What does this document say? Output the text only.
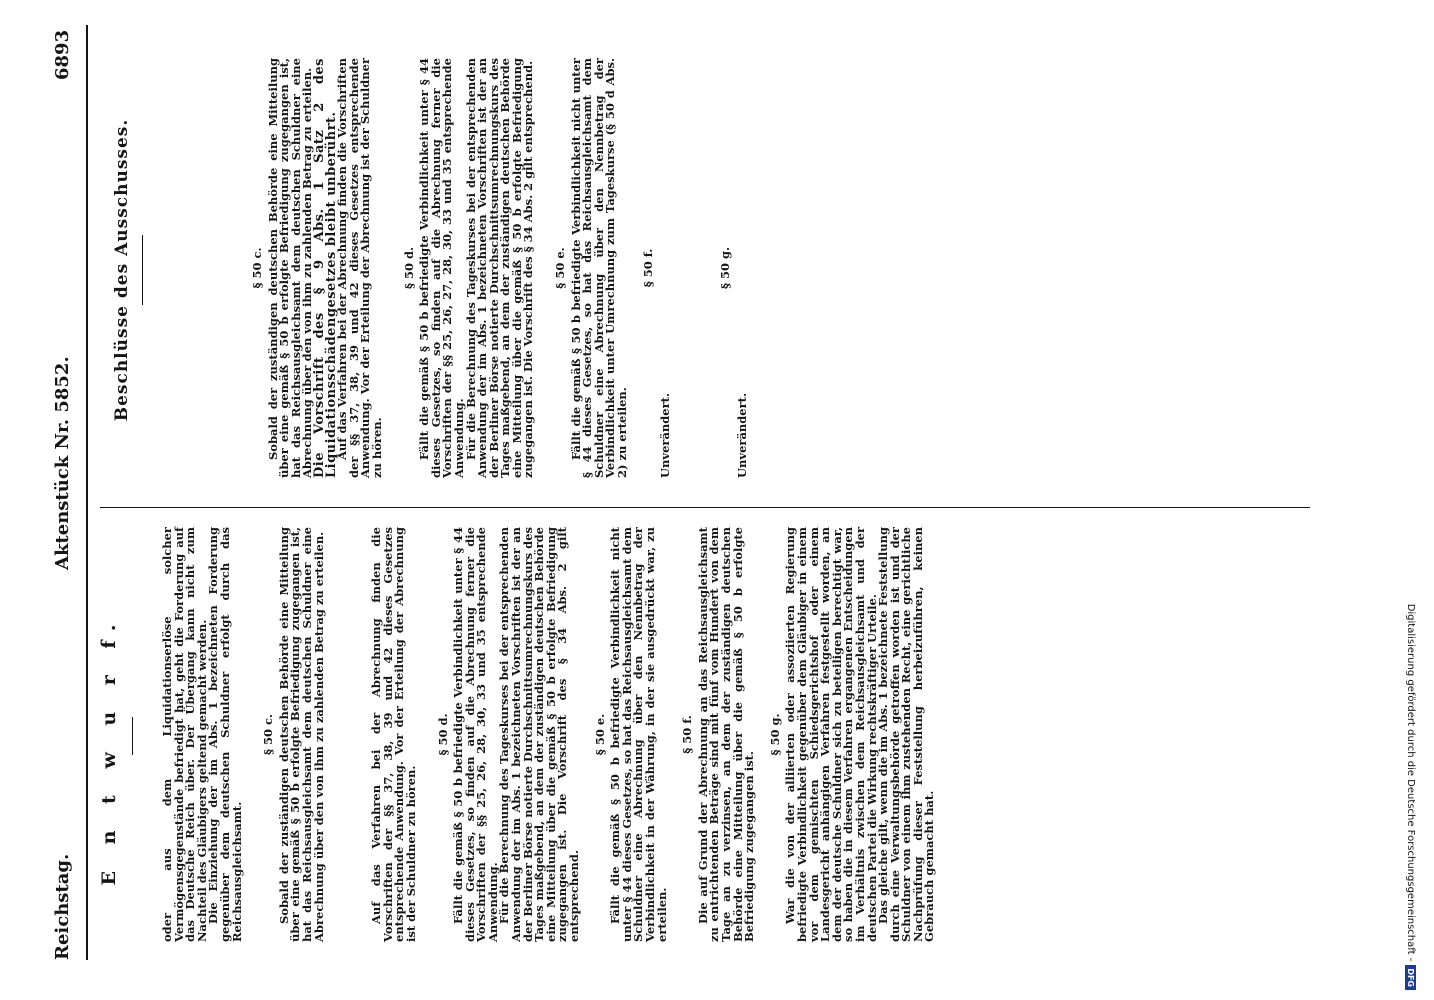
Reichstag.
Aktenstück Nr. 5852.
6893
E n t w u r f.	oder aus dem Liquidationserlöse solcher Vermögensgegenstände befriedigt hat, geht die Forderung auf das Deutsche Reich über. Der Übergang kann nicht zum Nachteil des Gläubigers geltend gemacht werden.

Die Einziehung der im Abs. 1 bezeichneten Forderung gegenüber dem deutschen Schuldner erfolgt durch das Reichsausgleichsamt.

§ 50 c. Sobald der zuständigen deutschen Behörde eine Mitteilung über eine gemäß § 50 b erfolgte Befriedigung zugegangen ist, hat das Reichsausgleichsamt dem deutschen Schuldner eine Abrechnung über den von ihm zu zahlenden Betrag zu erteilen.	Auf das Verfahren bei der Abrechnung finden die Vorschriften der §§ 37, 38, 39 und 42 dieses Gesetzes entsprechende Anwendung. Vor der Erteilung der Abrechnung ist der Schuldner zu hören.

§ 50 d. Fällt die gemäß § 50 b befriedigte Verbindlichkeit unter § 44 dieses Gesetzes, so finden auf die Abrechnung ferner die Vorschriften der §§ 25, 26, 28, 30, 33 und 35 entsprechende Anwendung.

Für die Berechnung des Tageskurses bei der entsprechenden Anwendung der im Abs. 1 bezeichneten Vorschriften ist der an der Berliner Börse notierte Durchschnittsumrechnungskurs des Tages maßgebend, an dem der zuständigen deutschen Behörde eine Mitteilung über die gemäß § 50 b erfolgte Befriedigung zugegangen ist. Die Vorschrift des § 34 Abs. 2 gilt entsprechend.

§ 50 e. Fällt die gemäß § 50 b befriedigte Verbindlichkeit nicht unter § 44 dieses Gesetzes, so hat das Reichsausgleichsamt dem Schuldner eine Abrechnung über den Nennbetrag der Verbindlichkeit in der Währung, in der sie ausgedrückt war, zu erteilen.

§ 50 f. Die auf Grund der Abrechnung an das Reichsausgleichsamt zu entrichtenden Beträge sind mit fünf vom Hundert von dem Tage an zu verzinsen, an dem der zuständigen deutschen Behörde eine Mitteilung über die gemäß § 50 b erfolgte Befriedigung zugegangen ist.

§ 50 g. War die von der alliierten oder assoziierten Regierung befriedigte Verbindlichkeit gegenüber dem Gläubiger in einem vor dem gemischten Schiedsgerichtshof oder einem Landesgericht anhängigen Verfahren festgestellt worden, an dem der deutsche Schuldner sich zu beteiligen berechtigt war, so haben die in diesem Verfahren ergangenen Entscheidungen im Verhältnis zwischen dem Reichsausgleichsamt und der deutschen Partei die Wirkung rechtskräftiger Urteile.

Das gleiche gilt, wenn die im Abs. 1 bezeichnete Feststellung durch eine Verwaltungsbehörde getroffen worden ist und der Schuldner von einem ihm zustehenden Recht, eine gerichtliche Nachprüfung dieser Feststellung herbeizuführen, keinen Gebrauch gemacht hat.

Beschlüsse des Ausschusses.	§ 50 c. Sobald der zuständigen deutschen Behörde eine Mitteilung über eine gemäß § 50 b erfolgte Befriedigung zugegangen ist, hat das Reichsausgleichsamt dem deutschen Schuldner eine Abrechnung über den von ihm zu zahlenden Betrag zu erteilen.

Die Vorschrift des § 9 Abs. 1 Satz 2 des Liquidationsschädengesetzes bleibt unberührt.

Auf das Verfahren bei der Abrechnung finden die Vorschriften der §§ 37, 38, 39 und 42 dieses Gesetzes entsprechende Anwendung. Vor der Erteilung der Abrechnung ist der Schuldner zu hören.

§ 50 d. Fällt die gemäß § 50 b befriedigte Verbindlichkeit unter § 44 dieses Gesetzes, so finden auf die Abrechnung ferner die Vorschriften der §§ 25, 26, 27, 28, 30, 33 und 35 entsprechende Anwendung.

Für die Berechnung des Tageskurses bei der entsprechenden Anwendung der im Abs. 1 bezeichneten Vorschriften ist der an der Berliner Börse notierte Durchschnittsumrechnungskurs des Tages maßgebend, an dem der zuständigen deutschen Behörde eine Mitteilung über die gemäß § 50 b erfolgte Befriedigung zugegangen ist. Die Vorschrift des § 34 Abs. 2 gilt entsprechend. § 50 e. Fällt die gemäß § 50 b befriedigte Verbindlichkeit nicht unter § 44 dieses Gesetzes, so hat das Reichsausgleichsamt dem Schuldner eine Abrechnung über den Nennbetrag der Verbindlichkeit unter Umrechnung zum Tageskurse (§ 50 d Abs. 2) zu erteilen.

§ 50 f.

Unverändert.

§ 50 g.

Unverändert.

Digitalisierung gefördert durch die Deutsche Forschungsgemeinschaft -
DFG
